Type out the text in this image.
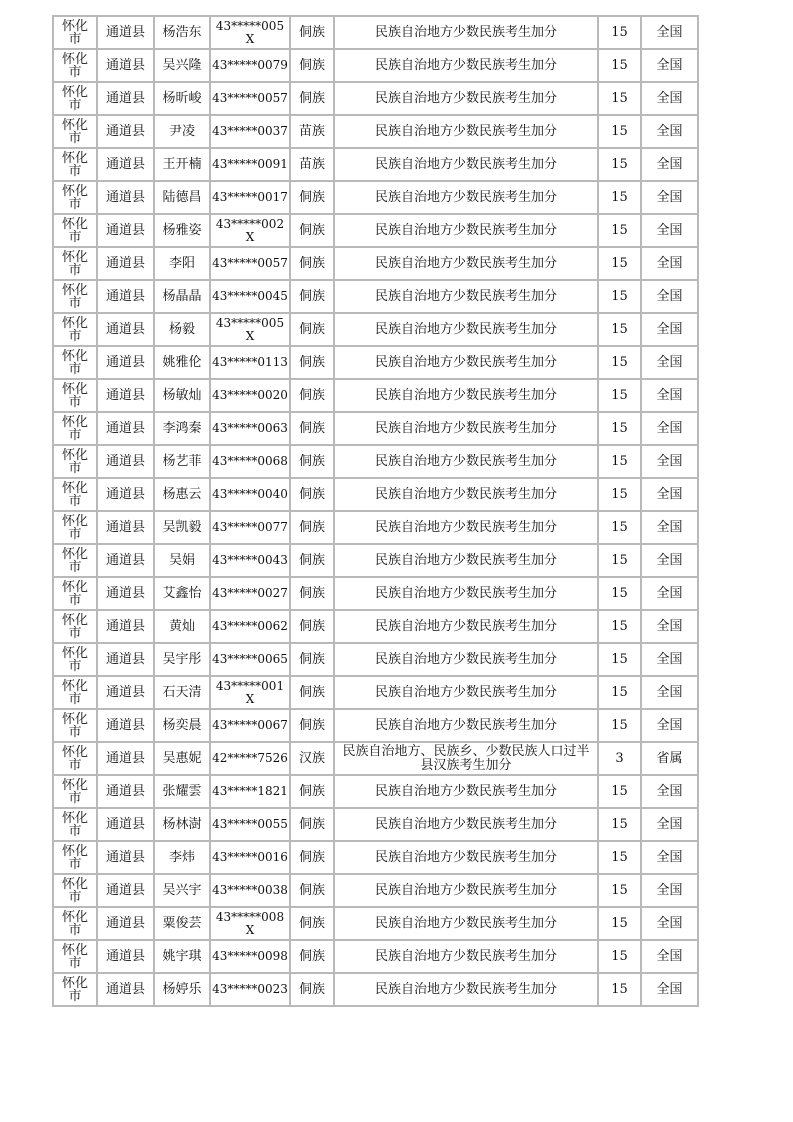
怀化市	通道县	杨浩东	43*****005X	侗族	民族自治地方少数民族考生加分	15	全国

怀化市	通道县	吴兴隆	43*****0079	侗族	民族自治地方少数民族考生加分	15	全国

怀化市	通道县	杨昕峻	43*****0057	侗族	民族自治地方少数民族考生加分	15	全国

怀化市	通道县	尹凌	43*****0037	苗族	民族自治地方少数民族考生加分	15	全国

怀化市	通道县	王开楠	43*****0091	苗族	民族自治地方少数民族考生加分	15	全国

怀化市	通道县	陆德昌	43*****0017	侗族	民族自治地方少数民族考生加分	15	全国

怀化市	通道县	杨雅姿	43*****002X	侗族	民族自治地方少数民族考生加分	15	全国

怀化市	通道县	李阳	43*****0057	侗族	民族自治地方少数民族考生加分	15	全国

怀化市	通道县	杨晶晶	43*****0045	侗族	民族自治地方少数民族考生加分	15	全国

怀化市	通道县	杨毅	43*****005X	侗族	民族自治地方少数民族考生加分	15	全国

怀化市	通道县	姚雅伦	43*****0113	侗族	民族自治地方少数民族考生加分	15	全国

怀化市	通道县	杨敏灿	43*****0020	侗族	民族自治地方少数民族考生加分	15	全国

怀化市	通道县	李鸿秦	43*****0063	侗族	民族自治地方少数民族考生加分	15	全国

怀化市	通道县	杨艺菲	43*****0068	侗族	民族自治地方少数民族考生加分	15	全国

怀化市	通道县	杨惠云	43*****0040	侗族	民族自治地方少数民族考生加分	15	全国

怀化市	通道县	吴凯毅	43*****0077	侗族	民族自治地方少数民族考生加分	15	全国

怀化市	通道县	吴娟	43*****0043	侗族	民族自治地方少数民族考生加分	15	全国

怀化市	通道县	艾鑫怡	43*****0027	侗族	民族自治地方少数民族考生加分	15	全国

怀化市	通道县	黄灿	43*****0062	侗族	民族自治地方少数民族考生加分	15	全国

怀化市	通道县	吴宇彤	43*****0065	侗族	民族自治地方少数民族考生加分	15	全国

怀化市	通道县	石天清	43*****001X	侗族	民族自治地方少数民族考生加分	15	全国

怀化市	通道县	杨奕晨	43*****0067	侗族	民族自治地方少数民族考生加分	15	全国

怀化市	通道县	吴惠妮	42*****7526	汉族	民族自治地方、民族乡、少数民族人口过半县汉族考生加分	3	省属

怀化市	通道县	张耀雲	43*****1821	侗族	民族自治地方少数民族考生加分	15	全国

怀化市	通道县	杨林澍	43*****0055	侗族	民族自治地方少数民族考生加分	15	全国

怀化市	通道县	李炜	43*****0016	侗族	民族自治地方少数民族考生加分	15	全国

怀化市	通道县	吴兴宇	43*****0038	侗族	民族自治地方少数民族考生加分	15	全国

怀化市	通道县	粟俊芸	43*****008X	侗族	民族自治地方少数民族考生加分	15	全国

怀化市	通道县	姚宇琪	43*****0098	侗族	民族自治地方少数民族考生加分	15	全国

怀化市	通道县	杨婷乐	43*****0023	侗族	民族自治地方少数民族考生加分	15	全国
